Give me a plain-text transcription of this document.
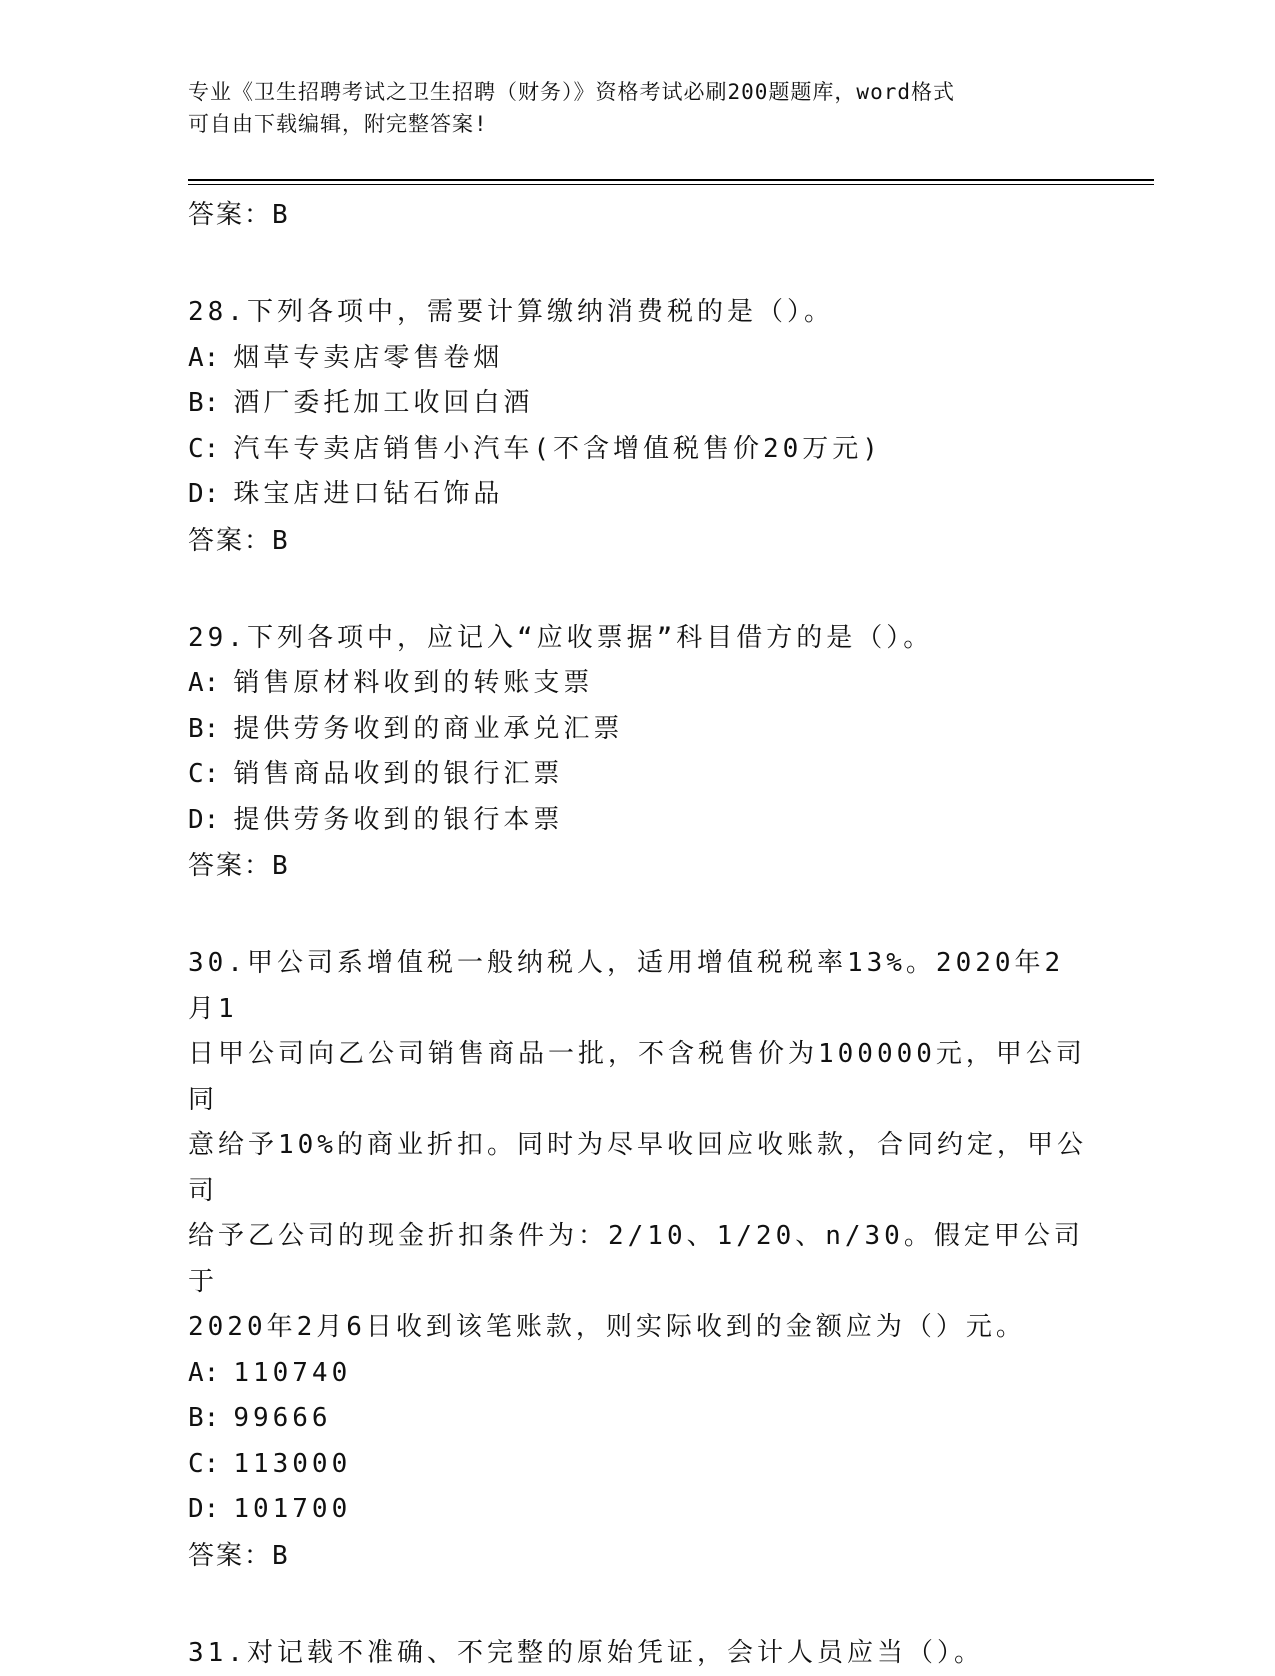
专业《卫生招聘考试之卫生招聘（财务）》资格考试必刷200题题库，word格式
可自由下载编辑，附完整答案!
答案：B
28.下列各项中，需要计算缴纳消费税的是（）。
A: 烟草专卖店零售卷烟
B: 酒厂委托加工收回白酒
C: 汽车专卖店销售小汽车(不含增值税售价20万元)
D: 珠宝店进口钻石饰品
答案：B
29.下列各项中，应记入“应收票据”科目借方的是（）。
A: 销售原材料收到的转账支票
B: 提供劳务收到的商业承兑汇票
C: 销售商品收到的银行汇票
D: 提供劳务收到的银行本票
答案：B
30.甲公司系增值税一般纳税人，适用增值税税率13%。2020年2月1
日甲公司向乙公司销售商品一批，不含税售价为100000元，甲公司同
意给予10%的商业折扣。同时为尽早收回应收账款，合同约定，甲公司
给予乙公司的现金折扣条件为：2/10、1/20、n/30。假定甲公司于
2020年2月6日收到该笔账款，则实际收到的金额应为（）元。
A: 110740
B: 99666
C: 113000
D: 101700
答案：B
31.对记载不准确、不完整的原始凭证，会计人员应当（）。
